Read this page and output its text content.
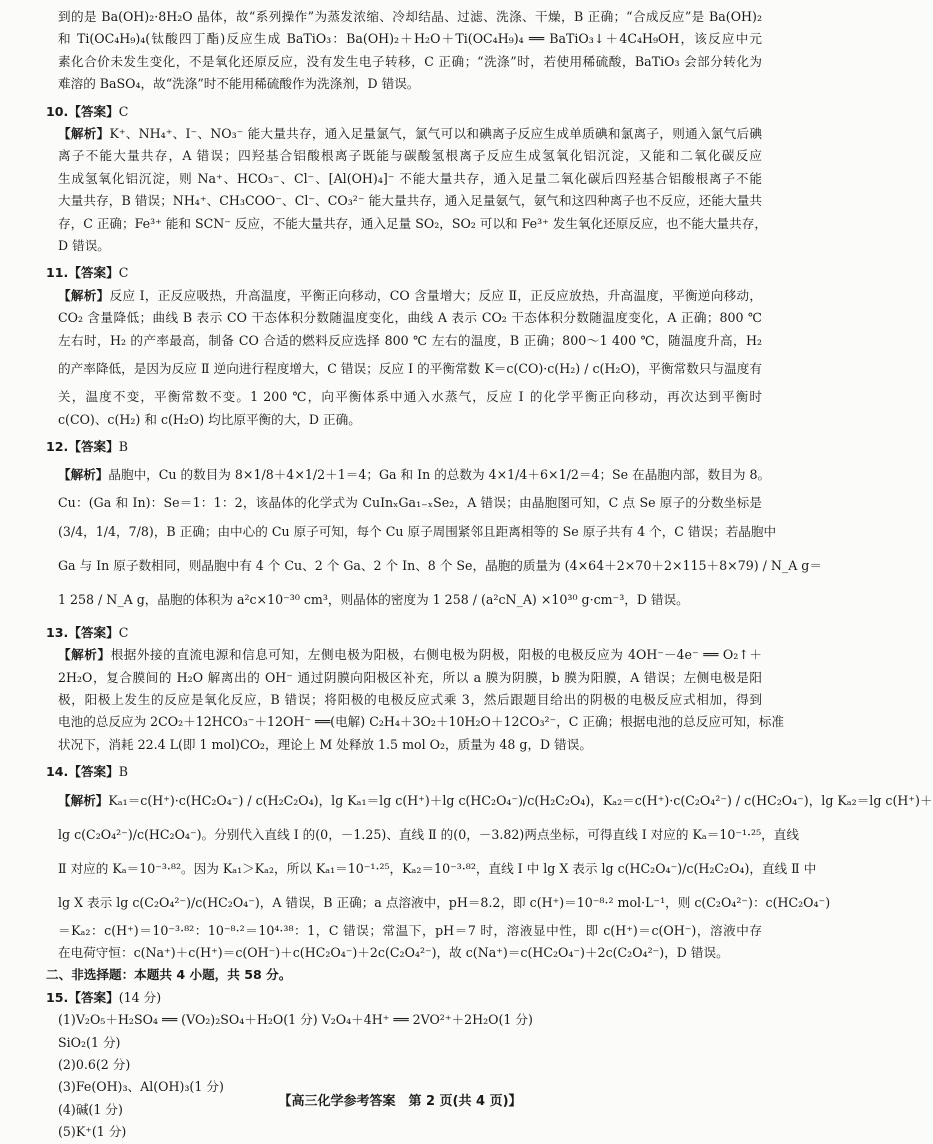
到的是 Ba(OH)₂·8H₂O 晶体，故“系列操作”为蒸发浓缩、冷却结晶、过滤、洗涤、干燥，B 正确；“合成反应”是 Ba(OH)₂
和 Ti(OC₄H₉)₄(钛酸四丁酯)反应生成 BaTiO₃：Ba(OH)₂＋H₂O＋Ti(OC₄H₉)₄ ══ BaTiO₃↓＋4C₄H₉OH，该反应中元
素化合价未发生变化，不是氧化还原反应，没有发生电子转移，C 正确；“洗涤”时，若使用稀硫酸，BaTiO₃ 会部分转化为
难溶的 BaSO₄，故“洗涤”时不能用稀硫酸作为洗涤剂，D 错误。
10.【答案】C
【解析】K⁺、NH₄⁺、I⁻、NO₃⁻ 能大量共存，通入足量氯气，氯气可以和碘离子反应生成单质碘和氯离子，则通入氯气后碘
离子不能大量共存，A 错误；四羟基合铝酸根离子既能与碳酸氢根离子反应生成氢氧化铝沉淀，又能和二氧化碳反应
生成氢氧化铝沉淀，则 Na⁺、HCO₃⁻、Cl⁻、[Al(OH)₄]⁻ 不能大量共存，通入足量二氧化碳后四羟基合铝酸根离子不能
大量共存，B 错误；NH₄⁺、CH₃COO⁻、Cl⁻、CO₃²⁻ 能大量共存，通入足量氨气，氨气和这四种离子也不反应，还能大量共
存，C 正确；Fe³⁺ 能和 SCN⁻ 反应，不能大量共存，通入足量 SO₂，SO₂ 可以和 Fe³⁺ 发生氧化还原反应，也不能大量共存，
D 错误。
11.【答案】C
【解析】反应 Ⅰ，正反应吸热，升高温度，平衡正向移动，CO 含量增大；反应 Ⅱ，正反应放热，升高温度，平衡逆向移动，
CO₂ 含量降低；曲线 B 表示 CO 干态体积分数随温度变化，曲线 A 表示 CO₂ 干态体积分数随温度变化，A 正确；800 ℃
左右时，H₂ 的产率最高，制备 CO 合适的燃料反应选择 800 ℃ 左右的温度，B 正确；800～1 400 ℃，随温度升高，H₂
的产率降低，是因为反应 Ⅱ 逆向进行程度增大，C 错误；反应 Ⅰ 的平衡常数 K＝c(CO)·c(H₂) / c(H₂O)，平衡常数只与温度有
关，温度不变，平衡常数不变。1 200 ℃，向平衡体系中通入水蒸气，反应 Ⅰ 的化学平衡正向移动，再次达到平衡时
c(CO)、c(H₂) 和 c(H₂O) 均比原平衡的大，D 正确。
12.【答案】B
【解析】晶胞中，Cu 的数目为 8×1/8＋4×1/2＋1＝4；Ga 和 In 的总数为 4×1/4＋6×1/2＝4；Se 在晶胞内部，数目为 8。
Cu：(Ga 和 In)：Se＝1：1：2，该晶体的化学式为 CuInₓGa₁₋ₓSe₂，A 错误；由晶胞图可知，C 点 Se 原子的分数坐标是
(3/4，1/4，7/8)，B 正确；由中心的 Cu 原子可知，每个 Cu 原子周围紧邻且距离相等的 Se 原子共有 4 个，C 错误；若晶胞中
Ga 与 In 原子数相同，则晶胞中有 4 个 Cu、2 个 Ga、2 个 In、8 个 Se，晶胞的质量为 (4×64＋2×70＋2×115＋8×79) / N_A g＝
1 258 / N_A g，晶胞的体积为 a²c×10⁻³⁰ cm³，则晶体的密度为 1 258 / (a²cN_A) ×10³⁰ g·cm⁻³，D 错误。
13.【答案】C
【解析】根据外接的直流电源和信息可知，左侧电极为阳极，右侧电极为阴极，阳极的电极反应为 4OH⁻－4e⁻ ══ O₂↑＋
2H₂O，复合膜间的 H₂O 解离出的 OH⁻ 通过阴膜向阳极区补充，所以 a 膜为阴膜，b 膜为阳膜，A 错误；左侧电极是阳
极，阳极上发生的反应是氧化反应，B 错误；将阳极的电极反应式乘 3，然后跟题目给出的阴极的电极反应式相加，得到
电池的总反应为 2CO₂＋12HCO₃⁻＋12OH⁻ ══(电解) C₂H₄＋3O₂＋10H₂O＋12CO₃²⁻，C 正确；根据电池的总反应可知，标准
状况下，消耗 22.4 L(即 1 mol)CO₂，理论上 M 处释放 1.5 mol O₂，质量为 48 g，D 错误。
14.【答案】B
【解析】Kₐ₁＝c(H⁺)·c(HC₂O₄⁻) / c(H₂C₂O₄)，lg Kₐ₁＝lg c(H⁺)＋lg c(HC₂O₄⁻)/c(H₂C₂O₄)，Kₐ₂＝c(H⁺)·c(C₂O₄²⁻) / c(HC₂O₄⁻)，lg Kₐ₂＝lg c(H⁺)＋
lg c(C₂O₄²⁻)/c(HC₂O₄⁻)。分别代入直线 Ⅰ 的(0，－1.25)、直线 Ⅱ 的(0，－3.82)两点坐标，可得直线 Ⅰ 对应的 Kₐ＝10⁻¹·²⁵，直线
Ⅱ 对应的 Kₐ＝10⁻³·⁸²。因为 Kₐ₁＞Kₐ₂，所以 Kₐ₁＝10⁻¹·²⁵，Kₐ₂＝10⁻³·⁸²，直线 Ⅰ 中 lg X 表示 lg c(HC₂O₄⁻)/c(H₂C₂O₄)，直线 Ⅱ 中
lg X 表示 lg c(C₂O₄²⁻)/c(HC₂O₄⁻)，A 错误，B 正确；a 点溶液中，pH＝8.2，即 c(H⁺)＝10⁻⁸·² mol·L⁻¹，则 c(C₂O₄²⁻)：c(HC₂O₄⁻)
＝Kₐ₂：c(H⁺)＝10⁻³·⁸²：10⁻⁸·²＝10⁴·³⁸：1，C 错误；常温下，pH＝7 时，溶液显中性，即 c(H⁺)＝c(OH⁻)，溶液中存
在电荷守恒：c(Na⁺)＋c(H⁺)＝c(OH⁻)＋c(HC₂O₄⁻)＋2c(C₂O₄²⁻)，故 c(Na⁺)＝c(HC₂O₄⁻)＋2c(C₂O₄²⁻)，D 错误。
二、非选择题：本题共 4 小题，共 58 分。
15.【答案】(14 分)
(1)V₂O₅＋H₂SO₄ ══ (VO₂)₂SO₄＋H₂O(1 分) V₂O₄＋4H⁺ ══ 2VO²⁺＋2H₂O(1 分)
SiO₂(1 分)
(2)0.6(2 分)
(3)Fe(OH)₃、Al(OH)₃(1 分)
(4)碱(1 分)
(5)K⁺(1 分)
【高三化学参考答案　第 2 页(共 4 页)】
